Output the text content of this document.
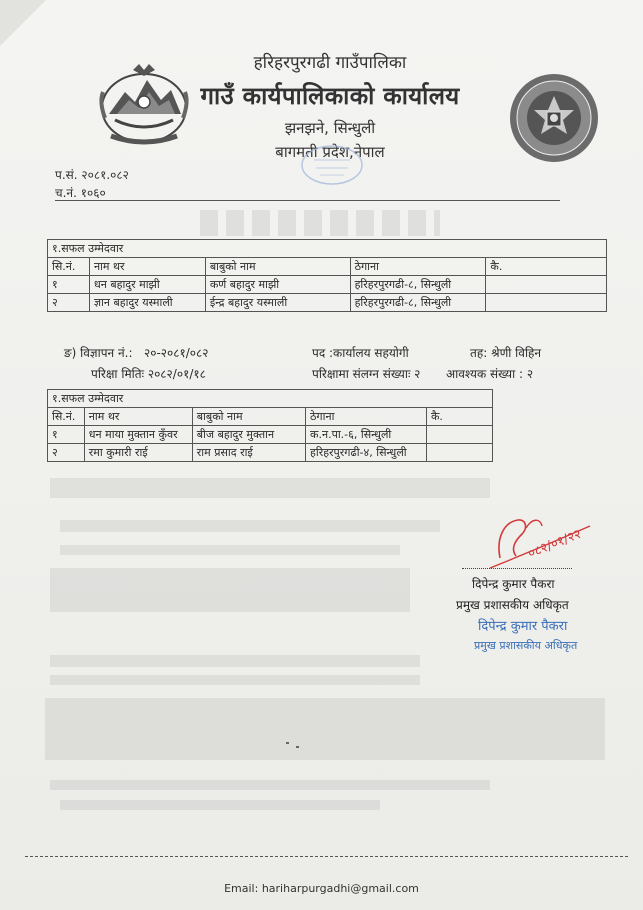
हरिहरपुरगढी गाउँपालिका
गाउँ कार्यपालिकाको कार्यालय
झनझने, सिन्धुली
बागमती प्रदेश,नेपाल
प.सं. २०८१.०८२
च.नं. १०६०
१.सफल उम्मेदवार				
सि.नं.	नाम थर	बाबुको नाम	ठेगाना	कै.
१	धन बहादुर माझी	कर्ण बहादुर माझी	हरिहरपुरगढी-८, सिन्धुली	
२	ज्ञान बहादुर यस्माली	ईन्द्र बहादुर यस्माली	हरिहरपुरगढी-८, सिन्धुली	
ङ) विज्ञापन नं.: २०-२०८१/०८२
परिक्षा मितिः २०८२/०१/१८
पद :कार्यालय सहयोगी
परिक्षामा संलग्न संख्याः २
तह: श्रेणी विहिन
आवश्यक संख्या : २
१.सफल उम्मेदवार				
सि.नं.	नाम थर	बाबुको नाम	ठेगाना	कै.
१	धन माया मुक्तान कुँवर	बीज बहादुर मुक्तान	क.न.पा.-६, सिन्धुली	
२	रमा कुमारी राई	राम प्रसाद राई	हरिहरपुरगढी-४, सिन्धुली	
०८२/०१/२२
दिपेन्द्र कुमार पैकरा
प्रमुख प्रशासकीय अधिकृत
दिपेन्द्र कुमार पैकरा
प्रमुख प्रशासकीय अधिकृत
Email: hariharpurgadhi@gmail.com
